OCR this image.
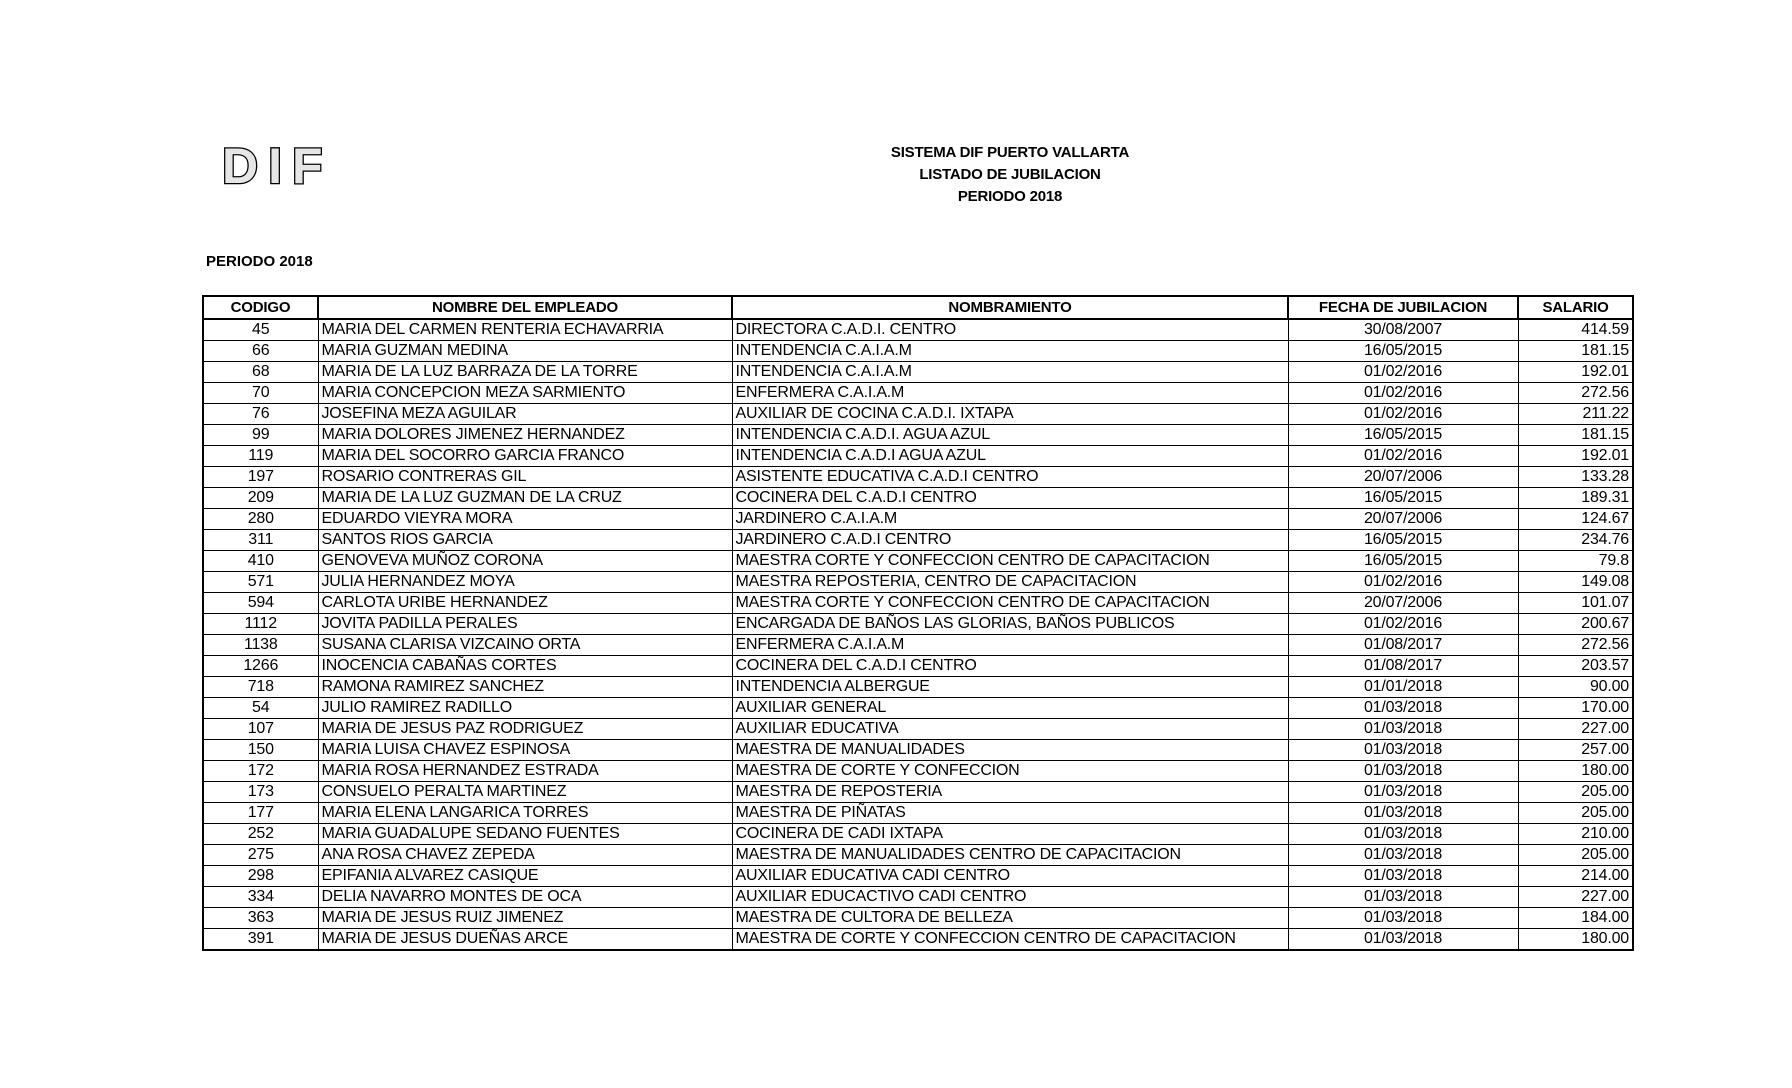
DIF	SISTEMA DIF PUERTO VALLARTA
LISTADO DE JUBILACION
PERIODO 2018
PERIODO 2018
CODIGO	NOMBRE DEL EMPLEADO	NOMBRAMIENTO	FECHA DE JUBILACION	SALARIO
45	MARIA DEL CARMEN RENTERIA ECHAVARRIA	DIRECTORA C.A.D.I. CENTRO	30/08/2007	414.59
66	MARIA GUZMAN MEDINA	INTENDENCIA C.A.I.A.M	16/05/2015	181.15
68	MARIA DE LA LUZ BARRAZA DE LA TORRE	INTENDENCIA C.A.I.A.M	01/02/2016	192.01
70	MARIA CONCEPCION MEZA SARMIENTO	ENFERMERA C.A.I.A.M	01/02/2016	272.56
76	JOSEFINA MEZA AGUILAR	AUXILIAR DE COCINA C.A.D.I. IXTAPA	01/02/2016	211.22
99	MARIA DOLORES JIMENEZ HERNANDEZ	INTENDENCIA C.A.D.I. AGUA AZUL	16/05/2015	181.15
119	MARIA DEL SOCORRO GARCIA FRANCO	INTENDENCIA C.A.D.I AGUA AZUL	01/02/2016	192.01
197	ROSARIO CONTRERAS GIL	ASISTENTE EDUCATIVA C.A.D.I CENTRO	20/07/2006	133.28
209	MARIA DE LA LUZ GUZMAN DE LA CRUZ	COCINERA DEL C.A.D.I CENTRO	16/05/2015	189.31
280	EDUARDO VIEYRA MORA	JARDINERO C.A.I.A.M	20/07/2006	124.67
311	SANTOS RIOS GARCIA	JARDINERO C.A.D.I CENTRO	16/05/2015	234.76
410	GENOVEVA MUÑOZ CORONA	MAESTRA CORTE Y CONFECCION CENTRO DE CAPACITACION	16/05/2015	79.8
571	JULIA HERNANDEZ MOYA	MAESTRA REPOSTERIA, CENTRO DE CAPACITACION	01/02/2016	149.08
594	CARLOTA URIBE HERNANDEZ	MAESTRA CORTE Y CONFECCION CENTRO DE CAPACITACION	20/07/2006	101.07
1112	JOVITA PADILLA PERALES	ENCARGADA DE BAÑOS LAS GLORIAS, BAÑOS PUBLICOS	01/02/2016	200.67
1138	SUSANA CLARISA VIZCAINO ORTA	ENFERMERA C.A.I.A.M	01/08/2017	272.56
1266	INOCENCIA CABAÑAS CORTES	COCINERA DEL C.A.D.I CENTRO	01/08/2017	203.57
718	RAMONA RAMIREZ SANCHEZ	INTENDENCIA ALBERGUE	01/01/2018	90.00
54	JULIO RAMIREZ RADILLO	AUXILIAR GENERAL	01/03/2018	170.00
107	MARIA DE JESUS PAZ RODRIGUEZ	AUXILIAR EDUCATIVA	01/03/2018	227.00
150	MARIA LUISA CHAVEZ ESPINOSA	MAESTRA DE MANUALIDADES	01/03/2018	257.00
172	MARIA ROSA HERNANDEZ ESTRADA	MAESTRA DE CORTE Y CONFECCION	01/03/2018	180.00
173	CONSUELO PERALTA MARTINEZ	MAESTRA DE REPOSTERIA	01/03/2018	205.00
177	MARIA ELENA LANGARICA TORRES	MAESTRA DE PIÑATAS	01/03/2018	205.00
252	MARIA GUADALUPE SEDANO FUENTES	COCINERA DE CADI IXTAPA	01/03/2018	210.00
275	ANA ROSA CHAVEZ ZEPEDA	MAESTRA DE MANUALIDADES CENTRO DE CAPACITACION	01/03/2018	205.00
298	EPIFANIA ALVAREZ CASIQUE	AUXILIAR EDUCATIVA CADI CENTRO	01/03/2018	214.00
334	DELIA NAVARRO MONTES DE OCA	AUXILIAR EDUCACTIVO CADI CENTRO	01/03/2018	227.00
363	MARIA DE JESUS RUIZ JIMENEZ	MAESTRA DE CULTORA DE BELLEZA	01/03/2018	184.00
391	MARIA DE JESUS DUEÑAS ARCE	MAESTRA DE CORTE Y CONFECCION CENTRO DE CAPACITACION	01/03/2018	180.00
